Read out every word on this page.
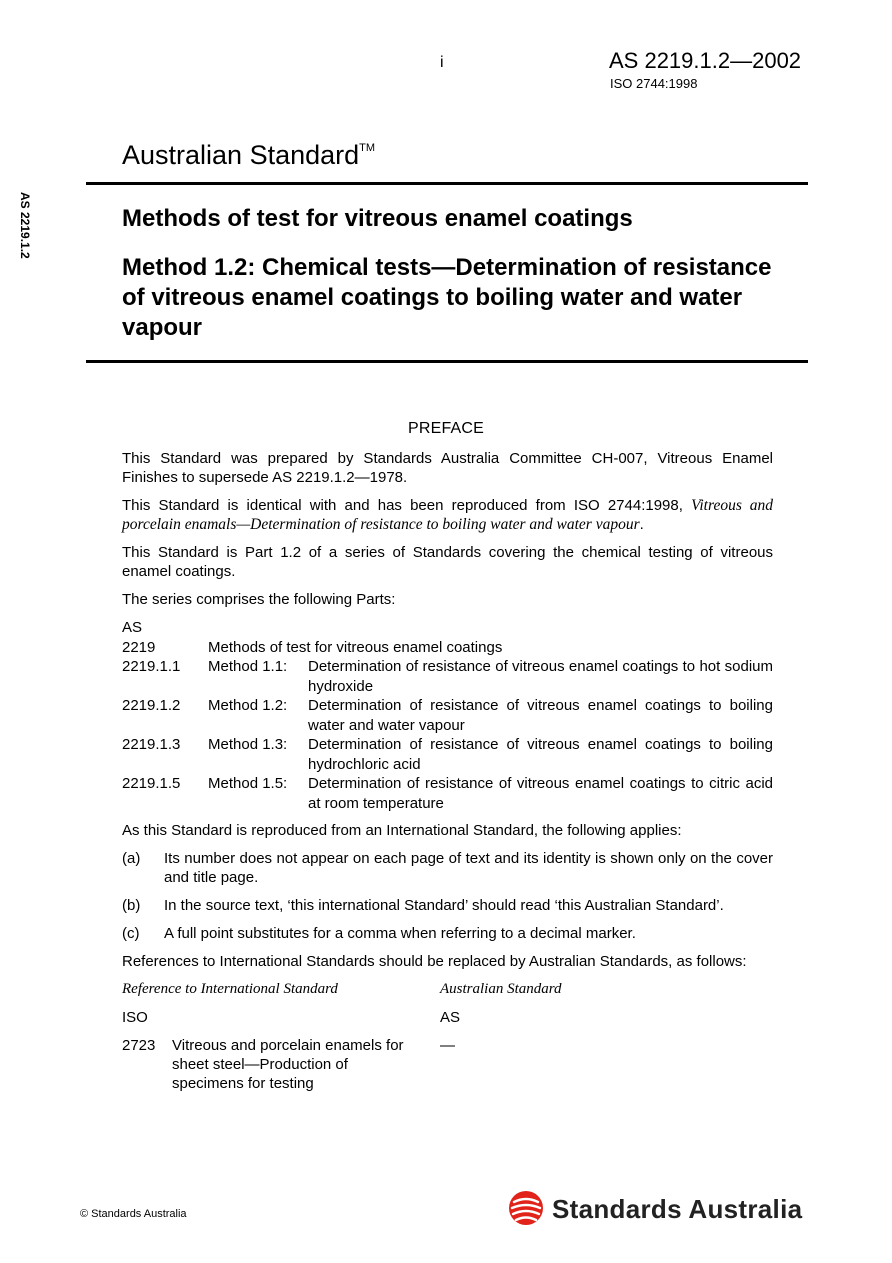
i	AS 2219.1.2—2002
ISO 2744:1998
AS 2219.1.2
Australian Standard™
Methods of test for vitreous enamel coatings
Method 1.2: Chemical tests—Determination of resistance of vitreous enamel coatings to boiling water and water vapour
PREFACE

This Standard was prepared by Standards Australia Committee CH-007, Vitreous Enamel Finishes to supersede AS 2219.1.2—1978.

This Standard is identical with and has been reproduced from ISO 2744:1998, Vitreous and porcelain enamals—Determination of resistance to boiling water and water vapour.

This Standard is Part 1.2 of a series of Standards covering the chemical testing of vitreous enamel coatings.

The series comprises the following Parts:

AS		
2219	Methods of test for vitreous enamel coatings	
2219.1.1	Method 1.1:	Determination of resistance of vitreous enamel coatings to hot sodium hydroxide
2219.1.2	Method 1.2:	Determination of resistance of vitreous enamel coatings to boiling water and water vapour
2219.1.3	Method 1.3:	Determination of resistance of vitreous enamel coatings to boiling hydrochloric acid
2219.1.5	Method 1.5:	Determination of resistance of vitreous enamel coatings to citric acid at room temperature

As this Standard is reproduced from an International Standard, the following applies:

(a)	Its number does not appear on each page of text and its identity is shown only on the cover and title page.
(b)	In the source text, ‘this international Standard’ should read ‘this Australian Standard’.
(c)	A full point substitutes for a comma when referring to a decimal marker.

References to International Standards should be replaced by Australian Standards, as follows:

Reference to International Standard	Australian Standard
ISO	AS
2723 Vitreous and porcelain enamels for sheet steel—Production of specimens for testing	—
© Standards Australia	Standards Australia
